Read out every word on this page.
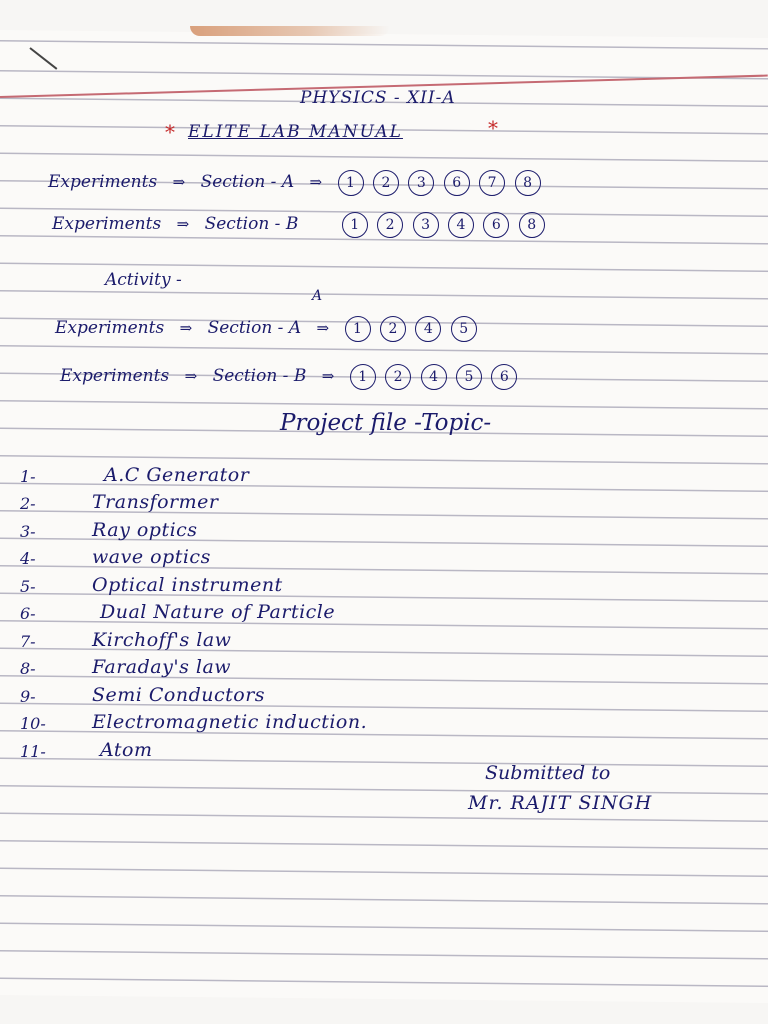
PHYSICS - XII-A
* ELITE LAB MANUAL	*
Experiments ⇒ Section - A ⇒ 1 2 3 6 7 8
Experiments ⇒ Section - B	1 2 3 4 6 8
Activity -
A
Experiments ⇒ Section - A ⇒ 1 2 4 5
Experiments ⇒ Section - B ⇒ 1 2 4 5 6
Project file -Topic-
1-	A.C Generator
2-	Transformer
3-	Ray optics
4-	wave optics
5-	Optical instrument
6-	Dual Nature of Particle
7-	Kirchoff's law
8-	Faraday's law
9-	Semi Conductors
10-	Electromagnetic induction.
11-	Atom
Submitted to
Mr. RAJIT SINGH
